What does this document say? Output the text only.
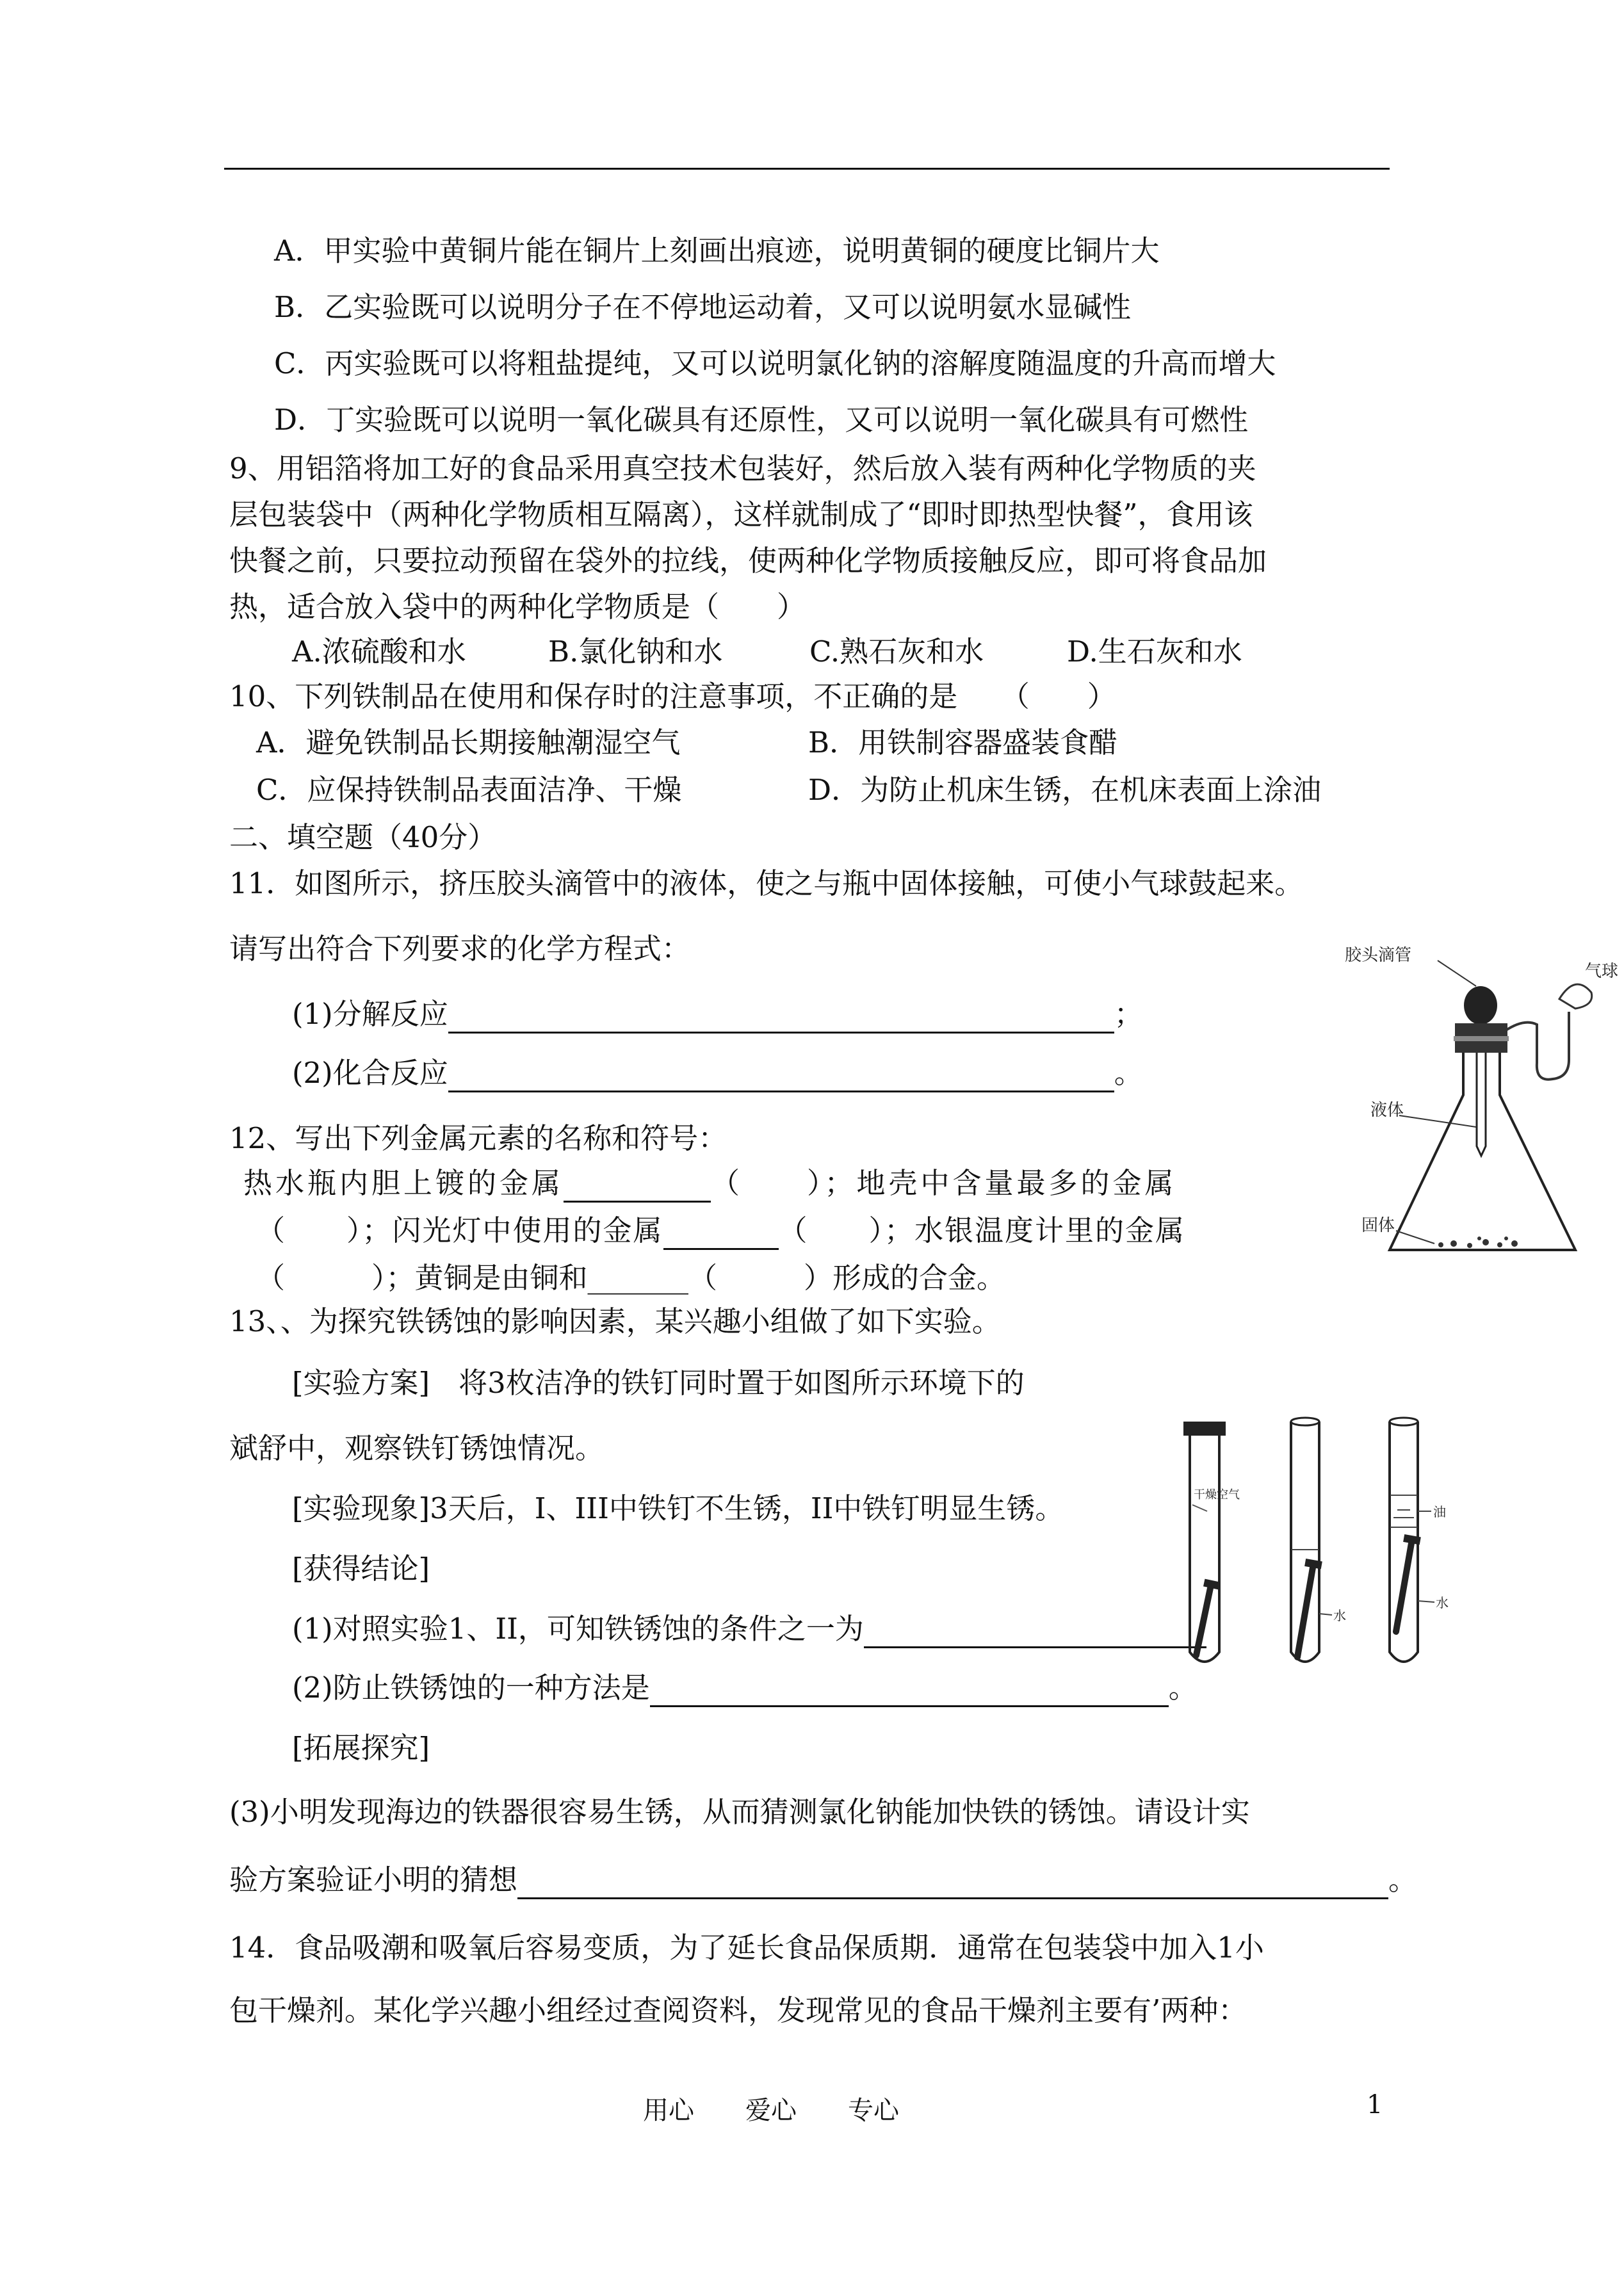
A．甲实验中黄铜片能在铜片上刻画出痕迹，说明黄铜的硬度比铜片大
B．乙实验既可以说明分子在不停地运动着，又可以说明氨水显碱性
C．丙实验既可以将粗盐提纯，又可以说明氯化钠的溶解度随温度的升高而增大
D．丁实验既可以说明一氧化碳具有还原性，又可以说明一氧化碳具有可燃性
9、用铝箔将加工好的食品采用真空技术包装好，然后放入装有两种化学物质的夹
层包装袋中（两种化学物质相互隔离），这样就制成了“即时即热型快餐”，食用该
快餐之前，只要拉动预留在袋外的拉线，使两种化学物质接触反应，即可将食品加
热，适合放入袋中的两种化学物质是（　　）
A.浓硫酸和水	B.氯化钠和水	C.熟石灰和水	D.生石灰和水
10、下列铁制品在使用和保存时的注意事项，不正确的是　　（　　）
A．避免铁制品长期接触潮湿空气	B．用铁制容器盛装食醋
C．应保持铁制品表面洁净、干燥	D．为防止机床生锈，在机床表面上涂油
二、填空题（40分）
11．如图所示，挤压胶头滴管中的液体，使之与瓶中固体接触，可使小气球鼓起来。
请写出符合下列要求的化学方程式：
(1)分解反应	；
(2)化合反应	。
胶头滴管
气球
液体
固体
12、写出下列金属元素的名称和符号：
热水瓶内胆上镀的金属	（　　）；地壳中含量最多的金属
（　　）；闪光灯中使用的金属	（　　）；水银温度计里的金属
（　　　）；黄铜是由铜和_______（　　　）形成的合金。
13、、为探究铁锈蚀的影响因素，某兴趣小组做了如下实验。
[实验方案]　将3枚洁净的铁钉同时置于如图所示环境下的
斌舒中，观察铁钉锈蚀情况。
[实验现象]3天后，I、III中铁钉不生锈，II中铁钉明显生锈。
[获得结论]
(1)对照实验1、II，可知铁锈蚀的条件之一为
(2)防止铁锈蚀的一种方法是	。
[拓展探究]
(3)小明发现海边的铁器很容易生锈，从而猜测氯化钠能加快铁的锈蚀。请设计实
验方案验证小明的猜想	。
干燥空气
水
油
水
14．食品吸潮和吸氧后容易变质，为了延长食品保质期．通常在包装袋中加入1小
包干燥剂。某化学兴趣小组经过查阅资料，发现常见的食品干燥剂主要有’两种：
用心　　爱心　　专心	1
